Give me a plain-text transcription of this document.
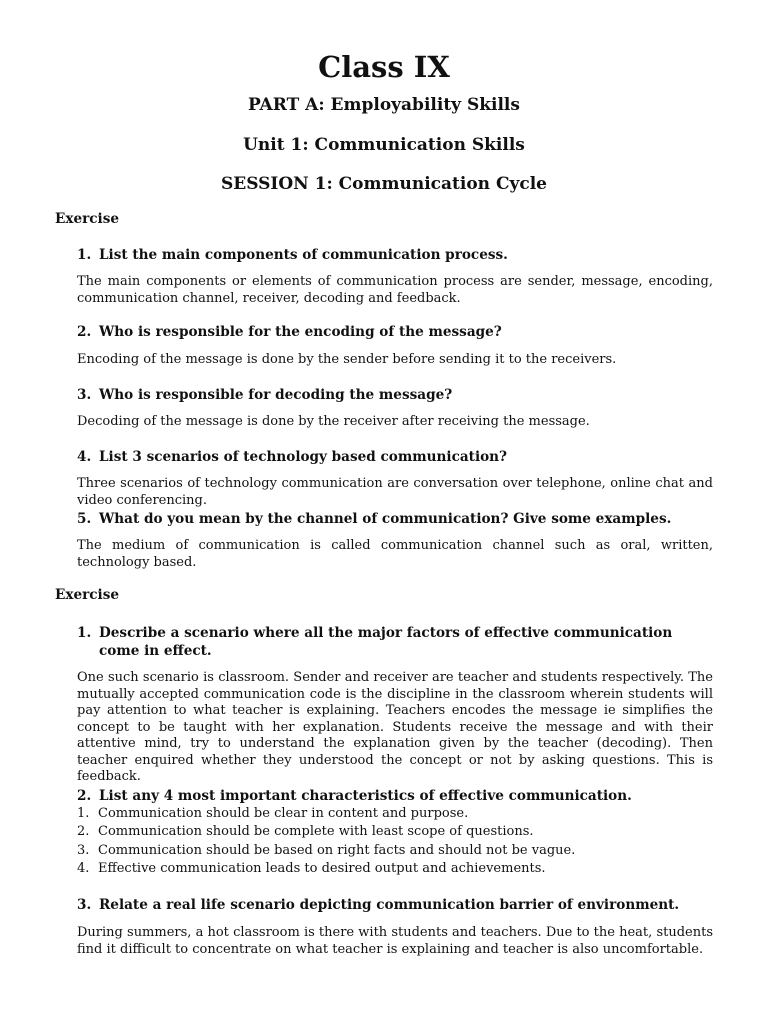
Class IX
PART A: Employability Skills
Unit 1: Communication Skills
SESSION 1: Communication Cycle
Exercise
1. List the main components of communication process.
The main components or elements of communication process are sender, message, encoding, communication channel, receiver, decoding and feedback.
2. Who is responsible for the encoding of the message?
Encoding of the message is done by the sender before sending it to the receivers.
3. Who is responsible for decoding the message?
Decoding of the message is done by the receiver after receiving the message.
4. List 3 scenarios of technology based communication?
Three scenarios of technology communication are conversation over telephone, online chat and video conferencing.
5. What do you mean by the channel of communication? Give some examples.
The medium of communication is called communication channel such as oral, written, technology based.
Exercise
1. Describe a scenario where all the major factors of effective communication come in effect.
One such scenario is classroom. Sender and receiver are teacher and students respectively. The mutually accepted communication code is the discipline in the classroom wherein students will pay attention to what teacher is explaining. Teachers encodes the message ie simplifies the concept to be taught with her explanation. Students receive the message and with their attentive mind, try to understand the explanation given by the teacher (decoding). Then teacher enquired whether they understood the concept or not by asking questions. This is feedback.
2. List any 4 most important characteristics of effective communication.
1. Communication should be clear in content and purpose.
2. Communication should be complete with least scope of questions.
3. Communication should be based on right facts and should not be vague.
4. Effective communication leads to desired output and achievements.
3. Relate a real life scenario depicting communication barrier of environment.
During summers, a hot classroom is there with students and teachers. Due to the heat, students find it difficult to concentrate on what teacher is explaining and teacher is also uncomfortable.
